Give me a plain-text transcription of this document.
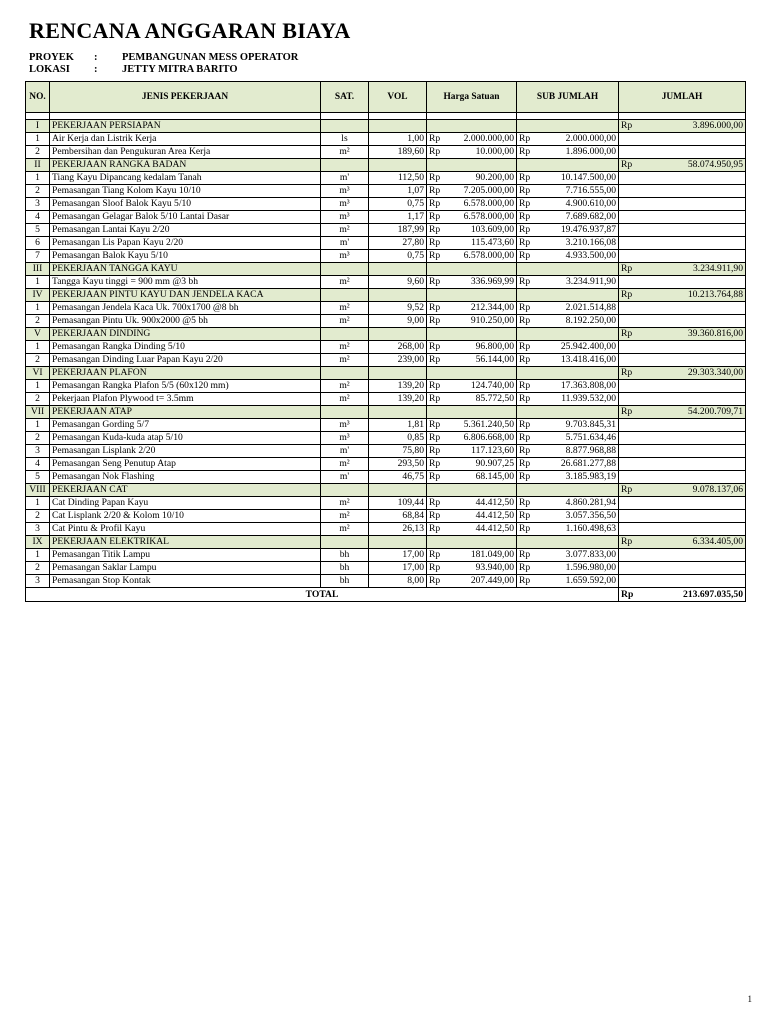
RENCANA ANGGARAN BIAYA
PROYEK : PEMBANGUNAN MESS OPERATOR
LOKASI : JETTY MITRA BARITO
NO.	JENIS PEKERJAAN	SAT.	VOL	Harga Satuan		SUB JUMLAH		JUMLAH	

I	PEKERJAAN PERSIAPAN							Rp	3.896.000,00
1	Air Kerja dan Listrik Kerja	ls	1,00	Rp	2.000.000,00	Rp	2.000.000,00		
2	Pembersihan dan Pengukuran Area Kerja	m²	189,60	Rp	10.000,00	Rp	1.896.000,00		
II	PEKERJAAN RANGKA BADAN							Rp	58.074.950,95
1	Tiang Kayu Dipancang kedalam Tanah	m'	112,50	Rp	90.200,00	Rp	10.147.500,00		
2	Pemasangan Tiang Kolom Kayu 10/10	m³	1,07	Rp	7.205.000,00	Rp	7.716.555,00		
3	Pemasangan Sloof Balok Kayu 5/10	m³	0,75	Rp	6.578.000,00	Rp	4.900.610,00		
4	Pemasangan Gelagar Balok 5/10 Lantai Dasar	m³	1,17	Rp	6.578.000,00	Rp	7.689.682,00		
5	Pemasangan Lantai Kayu 2/20	m²	187,99	Rp	103.609,00	Rp	19.476.937,87		
6	Pemasangan Lis Papan Kayu 2/20	m'	27,80	Rp	115.473,60	Rp	3.210.166,08		
7	Pemasangan Balok Kayu 5/10	m³	0,75	Rp	6.578.000,00	Rp	4.933.500,00		
III	PEKERJAAN TANGGA KAYU							Rp	3.234.911,90
1	Tangga Kayu tinggi = 900 mm @3 bh	m²	9,60	Rp	336.969,99	Rp	3.234.911,90		
IV	PEKERJAAN PINTU KAYU DAN JENDELA KACA							Rp	10.213.764,88
1	Pemasangan Jendela Kaca Uk. 700x1700 @8 bh	m²	9,52	Rp	212.344,00	Rp	2.021.514,88		
2	Pemasangan Pintu Uk. 900x2000 @5 bh	m²	9,00	Rp	910.250,00	Rp	8.192.250,00		
V	PEKERJAAN DINDING							Rp	39.360.816,00
1	Pemasangan Rangka Dinding 5/10	m²	268,00	Rp	96.800,00	Rp	25.942.400,00		
2	Pemasangan Dinding Luar Papan Kayu 2/20	m²	239,00	Rp	56.144,00	Rp	13.418.416,00		
VI	PEKERJAAN PLAFON							Rp	29.303.340,00
1	Pemasangan Rangka Plafon 5/5 (60x120 mm)	m²	139,20	Rp	124.740,00	Rp	17.363.808,00		
2	Pekerjaan Plafon Plywood t= 3.5mm	m²	139,20	Rp	85.772,50	Rp	11.939.532,00		
VII	PEKERJAAN ATAP							Rp	54.200.709,71
1	Pemasangan Gording 5/7	m³	1,81	Rp	5.361.240,50	Rp	9.703.845,31		
2	Pemasangan Kuda-kuda atap 5/10	m³	0,85	Rp	6.806.668,00	Rp	5.751.634,46		
3	Pemasangan Lisplank 2/20	m'	75,80	Rp	117.123,60	Rp	8.877.968,88		
4	Pemasangan Seng Penutup Atap	m²	293,50	Rp	90.907,25	Rp	26.681.277,88		
5	Pemasangan Nok Flashing	m'	46,75	Rp	68.145,00	Rp	3.185.983,19		
VIII	PEKERJAAN CAT							Rp	9.078.137,06
1	Cat Dinding Papan Kayu	m²	109,44	Rp	44.412,50	Rp	4.860.281,94		
2	Cat Lisplank 2/20 & Kolom 10/10	m²	68,84	Rp	44.412,50	Rp	3.057.356,50		
3	Cat Pintu & Profil Kayu	m²	26,13	Rp	44.412,50	Rp	1.160.498,63		
IX	PEKERJAAN ELEKTRIKAL							Rp	6.334.405,00
1	Pemasangan Titik Lampu	bh	17,00	Rp	181.049,00	Rp	3.077.833,00		
2	Pemasangan Saklar Lampu	bh	17,00	Rp	93.940,00	Rp	1.596.980,00		
3	Pemasangan Stop Kontak	bh	8,00	Rp	207.449,00	Rp	1.659.592,00		
TOTAL								Rp	213.697.035,50
1
